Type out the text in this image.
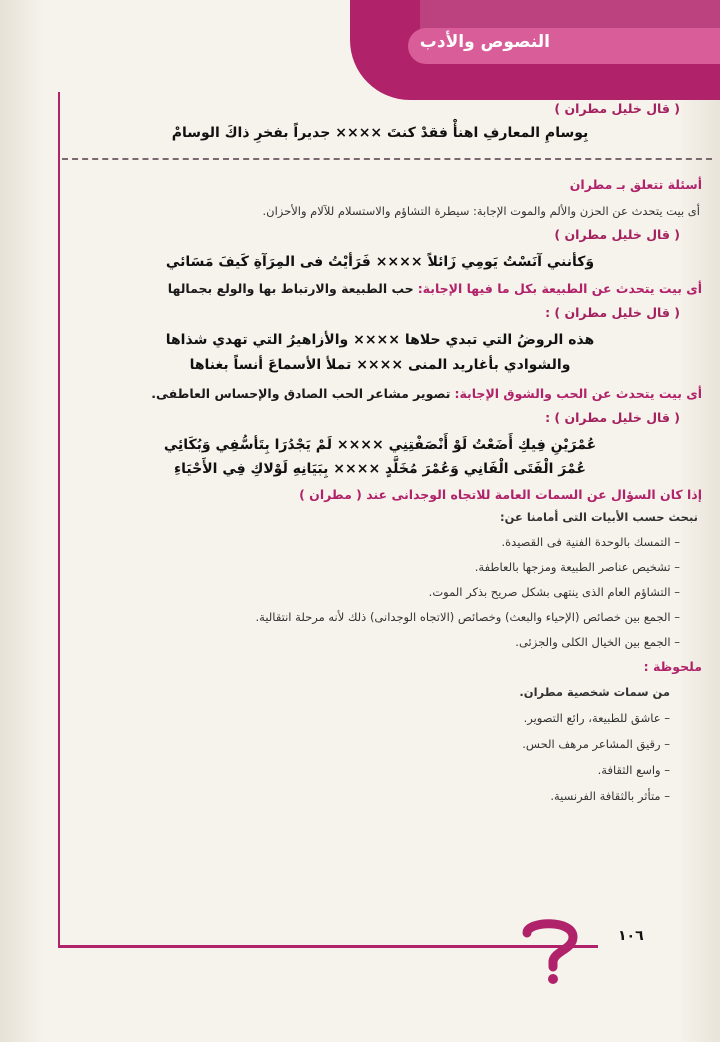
النصوص والأدب
( قال خليل مطران )
بِوسامِ المعارفِ اهنأْ فقدْ كنتَ ×××× جديراً بفخرِ ذاكَ الوسامْ
أسئلة تتعلق بـ مطران
أى بيت يتحدث عن الحزن والألم والموت الإجابة: سيطرة التشاؤم والاستسلام للآلام والأحزان.
( قال خليل مطران )
وَكأنني آنَسْتُ يَومِي زَائلاً ×××× فَرَأيْتُ فى المِرَآةِ كَيفَ مَسَائي
أى بيت يتحدث عن الطبيعة بكل ما فيها الإجابة: حب الطبيعة والارتباط بها والولع بجمالها
( قال خليل مطران ) :
هذه الروضُ التي تبدي حلاها ×××× والأزاهيرُ التي تهدي شذاها
والشوادي بأغاريد المنى ×××× تملأ الأسماعَ أنساً بغناها
أى بيت يتحدث عن الحب والشوق الإجابة: تصوير مشاعر الحب الصادق والإحساس العاطفى.
( قال خليل مطران ) :
عُمْرَيْنِ فِيكِ أَضَعْتُ لَوْ أَنْصَفْتِنِي ×××× لَمْ يَجْدُرَا بِتَأسُّفِي وَبُكَائِي
عُمْرَ الْفَتَى الْفَانِي وَعُمْرَ مُخَلَّدٍ ×××× بِبَيَانِهِ لَوْلاكِ فِي الأَحْيَاءِ
إذا كان السؤال عن السمات العامة للاتجاه الوجدانى عند ( مطران )
نبحث حسب الأبيات التى أمامنا عن:
– التمسك بالوحدة الفنية فى القصيدة.
– تشخيص عناصر الطبيعة ومزجها بالعاطفة.
– التشاؤم العام الذى ينتهى بشكل صريح بذكر الموت.
– الجمع بين خصائص (الإحياء والبعث) وخصائص (الاتجاه الوجدانى) ذلك لأنه مرحلة انتقالية.
– الجمع بين الخيال الكلى والجزئى.
ملحوظة :
من سمات شخصية مطران.
– عاشق للطبيعة، رائع التصوير.
– رقيق المشاعر مرهف الحس.
– واسع الثقافة.
– متأثر بالثقافة الفرنسية.
١٠٦
